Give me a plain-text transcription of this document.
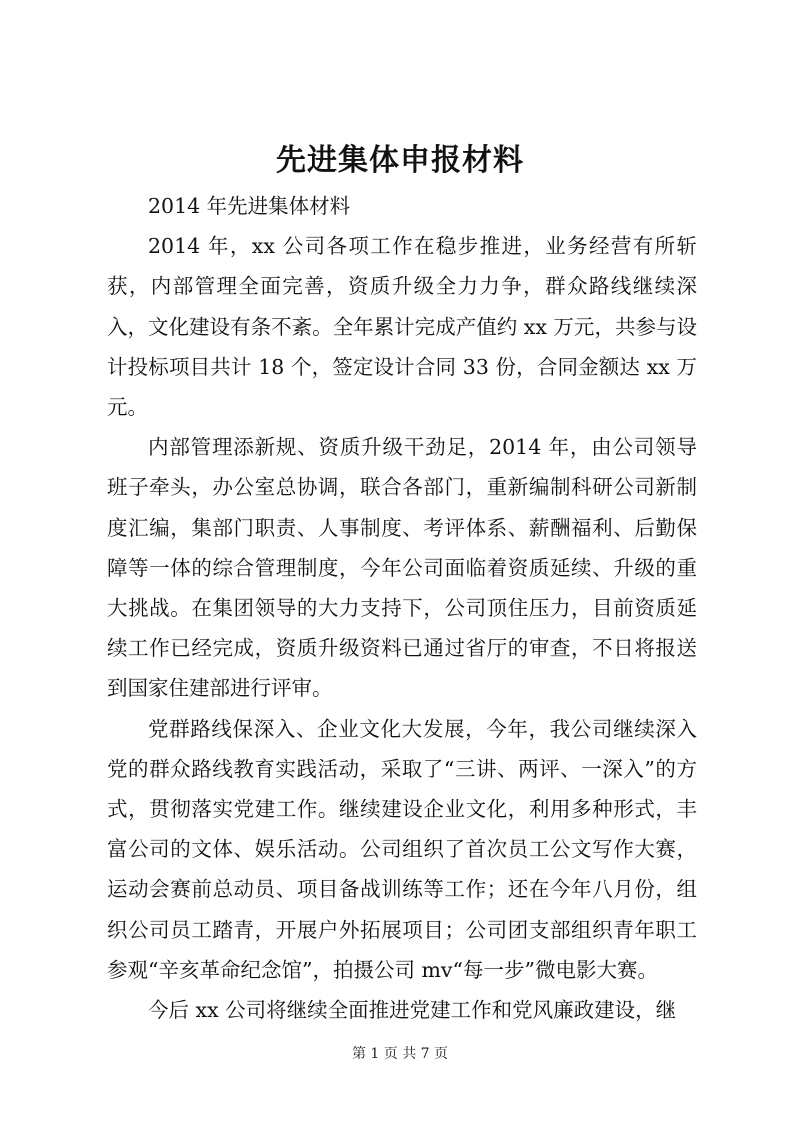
先进集体申报材料

2014 年先进集体材料

2014 年，xx 公司各项工作在稳步推进，业务经营有所斩获，内部管理全面完善，资质升级全力力争，群众路线继续深入，文化建设有条不紊。全年累计完成产值约 xx 万元，共参与设计投标项目共计 18 个，签定设计合同 33 份，合同金额达 xx 万元。

内部管理添新规、资质升级干劲足，2014 年，由公司领导班子牵头，办公室总协调，联合各部门，重新编制科研公司新制度汇编，集部门职责、人事制度、考评体系、薪酬福利、后勤保障等一体的综合管理制度，今年公司面临着资质延续、升级的重大挑战。在集团领导的大力支持下，公司顶住压力，目前资质延续工作已经完成，资质升级资料已通过省厅的审查，不日将报送到国家住建部进行评审。

党群路线保深入、企业文化大发展，今年，我公司继续深入党的群众路线教育实践活动，采取了“三讲、两评、一深入”的方式，贯彻落实党建工作。继续建设企业文化，利用多种形式，丰富公司的文体、娱乐活动。公司组织了首次员工公文写作大赛，运动会赛前总动员、项目备战训练等工作；还在今年八月份，组织公司员工踏青，开展户外拓展项目；公司团支部组织青年职工参观“辛亥革命纪念馆”，拍摄公司 mv“每一步”微电影大赛。

今后 xx 公司将继续全面推进党建工作和党风廉政建设，继

第 1 页 共 7 页
